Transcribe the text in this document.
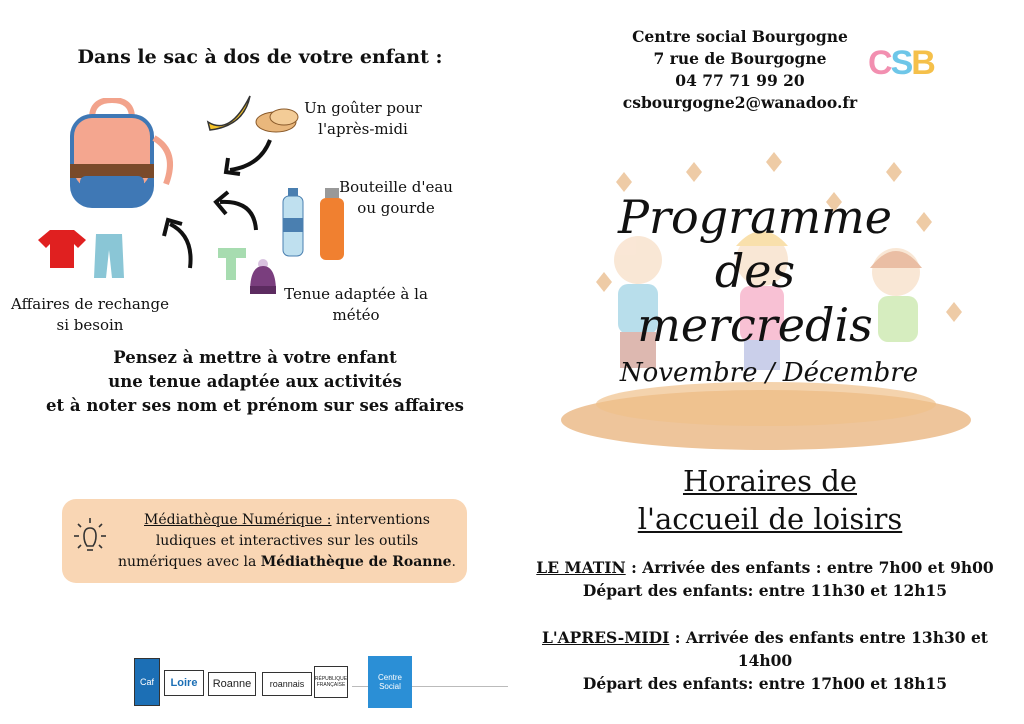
Dans le sac à dos de votre enfant :
Un goûter pour l'après-midi
Bouteille d'eau ou gourde
Tenue adaptée à la météo
Affaires de rechange si besoin
Pensez à mettre à votre enfant
une tenue adaptée aux activités
et à noter ses nom et prénom sur ses affaires
Médiathèque Numérique : interventions ludiques et interactives sur les outils numériques avec la Médiathèque de Roanne.
Caf	Loire	Roanne	roannais	RÉPUBLIQUE FRANÇAISE
Centre Social
Centre social Bourgogne
7 rue de Bourgogne
04 77 71 99 20
csbourgogne2@wanadoo.fr
CSB
Programme
des mercredis
Novembre / Décembre
Horaires de
l'accueil de loisirs
LE MATIN : Arrivée des enfants : entre 7h00 et 9h00
Départ des enfants: entre 11h30 et 12h15
L'APRES-MIDI : Arrivée des enfants entre 13h30 et 14h00
Départ des enfants: entre 17h00 et 18h15
